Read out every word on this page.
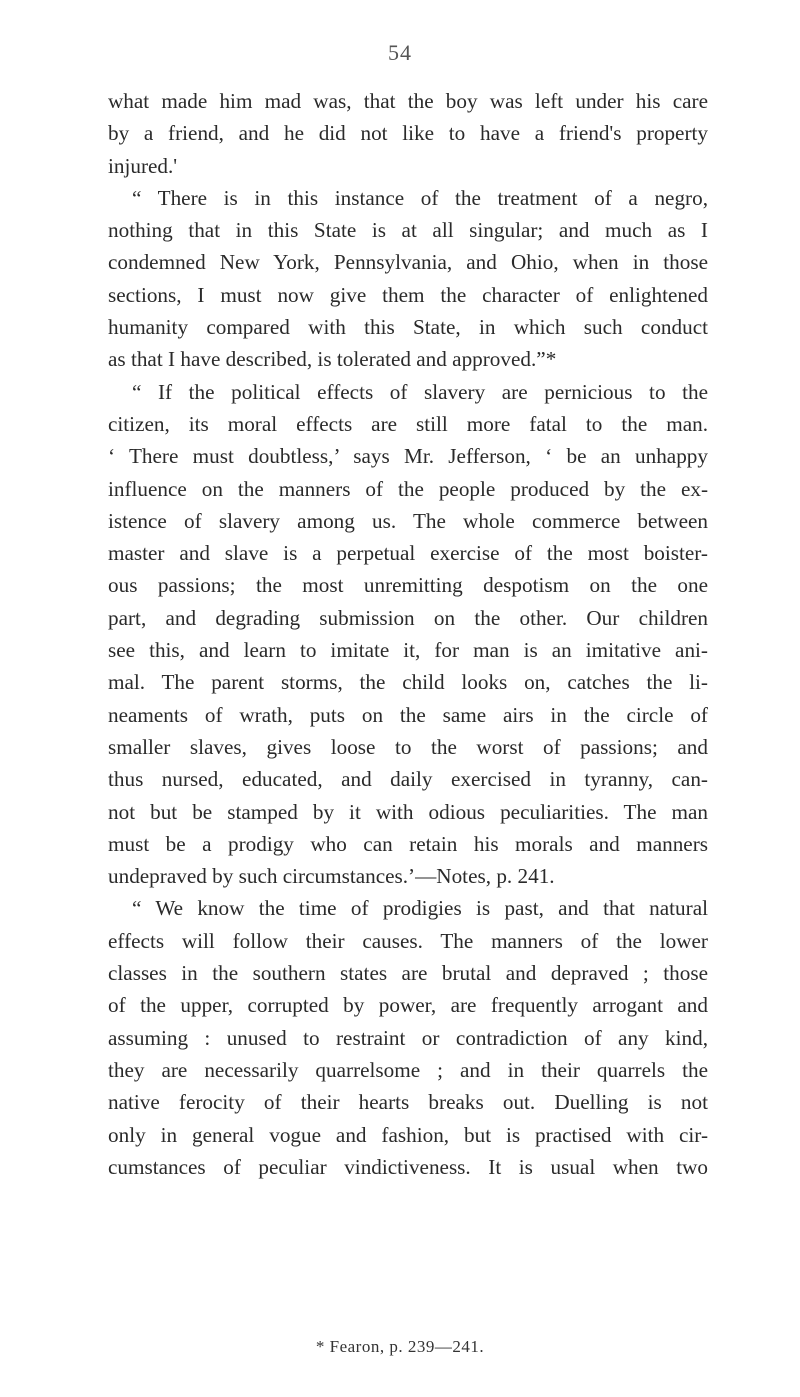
54
what made him mad was, that the boy was left under his care
by a friend, and he did not like to have a friend's property
injured.'
“ There is in this instance of the treatment of a negro,
nothing that in this State is at all singular; and much as I
condemned New York, Pennsylvania, and Ohio, when in those
sections, I must now give them the character of enlightened
humanity compared with this State, in which such conduct
as that I have described, is tolerated and approved.”*
“ If the political effects of slavery are pernicious to the
citizen, its moral effects are still more fatal to the man.
‘ There must doubtless,’ says Mr. Jefferson, ‘ be an unhappy
influence on the manners of the people produced by the ex-
istence of slavery among us. The whole commerce between
master and slave is a perpetual exercise of the most boister-
ous passions; the most unremitting despotism on the one
part, and degrading submission on the other. Our children
see this, and learn to imitate it, for man is an imitative ani-
mal. The parent storms, the child looks on, catches the li-
neaments of wrath, puts on the same airs in the circle of
smaller slaves, gives loose to the worst of passions; and
thus nursed, educated, and daily exercised in tyranny, can-
not but be stamped by it with odious peculiarities. The man
must be a prodigy who can retain his morals and manners
undepraved by such circumstances.’—Notes, p. 241.
“ We know the time of prodigies is past, and that natural
effects will follow their causes. The manners of the lower
classes in the southern states are brutal and depraved ; those
of the upper, corrupted by power, are frequently arrogant and
assuming : unused to restraint or contradiction of any kind,
they are necessarily quarrelsome ; and in their quarrels the
native ferocity of their hearts breaks out. Duelling is not
only in general vogue and fashion, but is practised with cir-
cumstances of peculiar vindictiveness. It is usual when two
* Fearon, p. 239—241.
